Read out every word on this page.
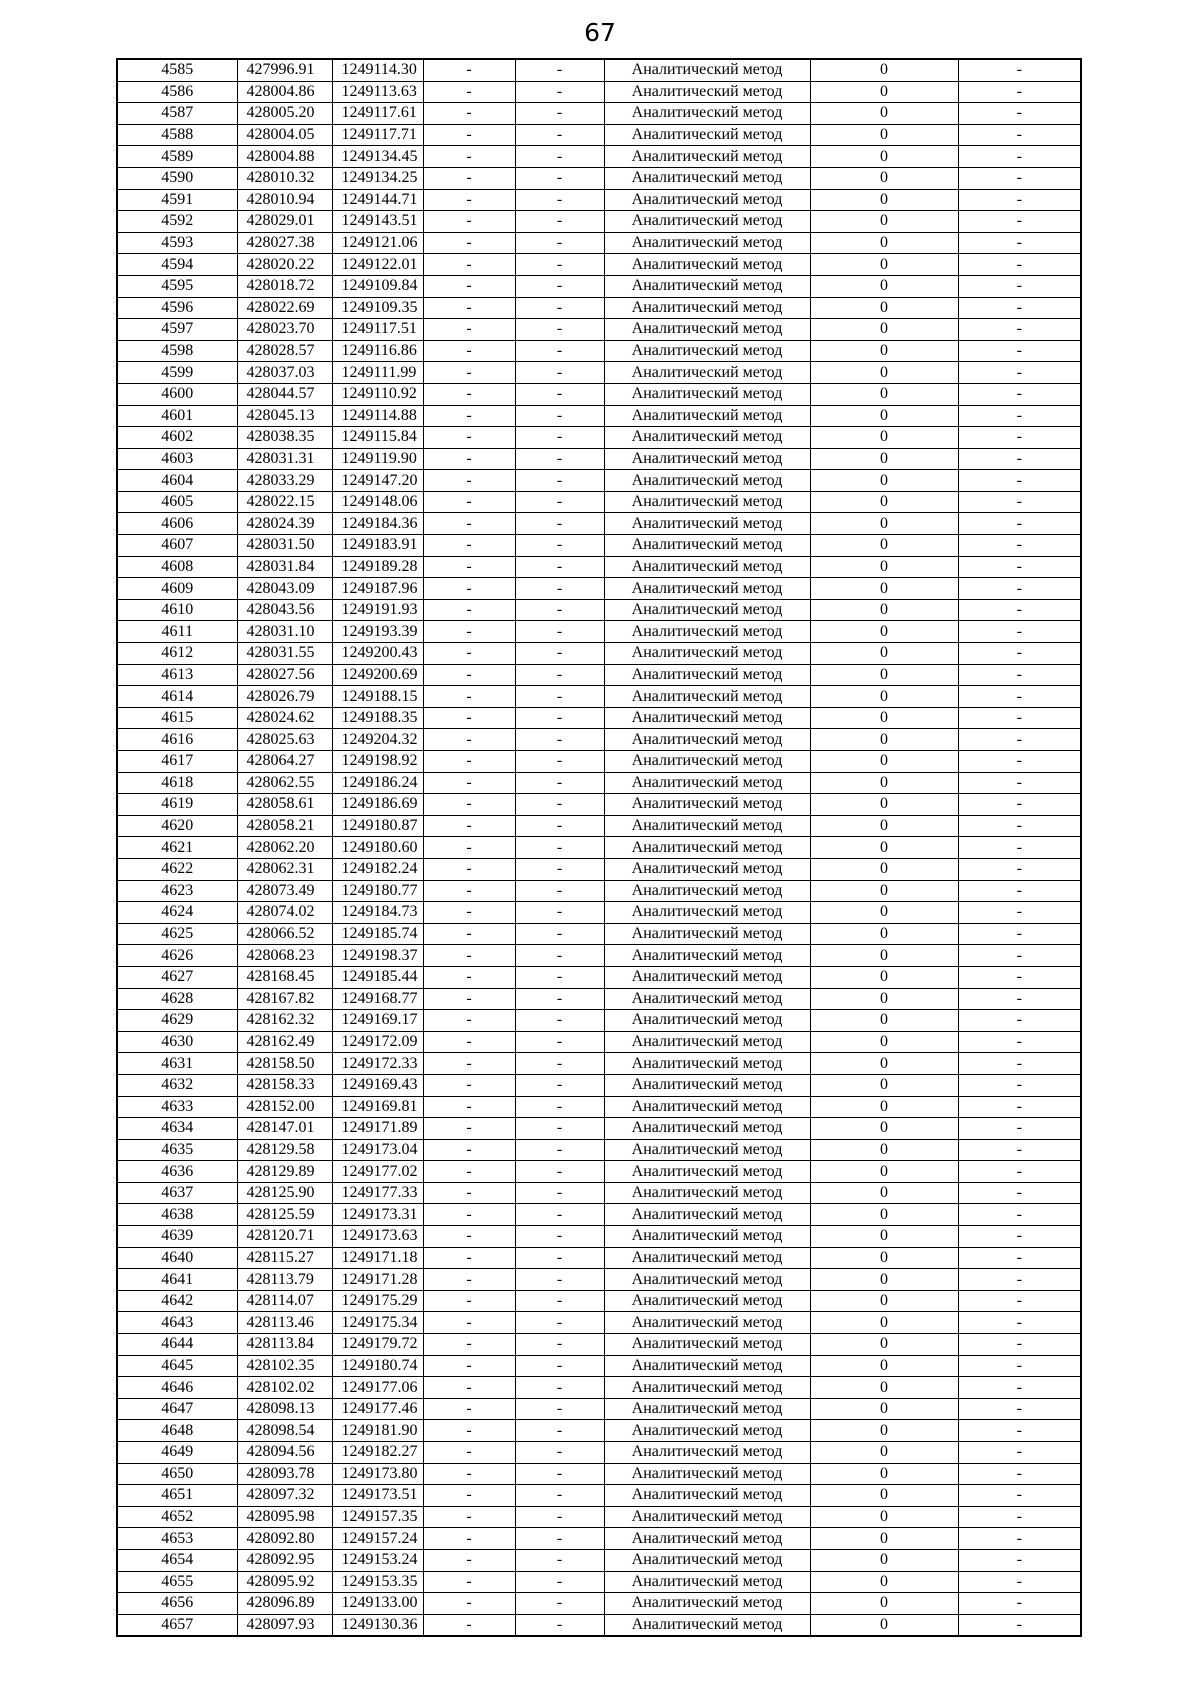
67
4585	427996.91	1249114.30	-	-	Аналитический метод	0	-
4586	428004.86	1249113.63	-	-	Аналитический метод	0	-
4587	428005.20	1249117.61	-	-	Аналитический метод	0	-
4588	428004.05	1249117.71	-	-	Аналитический метод	0	-
4589	428004.88	1249134.45	-	-	Аналитический метод	0	-
4590	428010.32	1249134.25	-	-	Аналитический метод	0	-
4591	428010.94	1249144.71	-	-	Аналитический метод	0	-
4592	428029.01	1249143.51	-	-	Аналитический метод	0	-
4593	428027.38	1249121.06	-	-	Аналитический метод	0	-
4594	428020.22	1249122.01	-	-	Аналитический метод	0	-
4595	428018.72	1249109.84	-	-	Аналитический метод	0	-
4596	428022.69	1249109.35	-	-	Аналитический метод	0	-
4597	428023.70	1249117.51	-	-	Аналитический метод	0	-
4598	428028.57	1249116.86	-	-	Аналитический метод	0	-
4599	428037.03	1249111.99	-	-	Аналитический метод	0	-
4600	428044.57	1249110.92	-	-	Аналитический метод	0	-
4601	428045.13	1249114.88	-	-	Аналитический метод	0	-
4602	428038.35	1249115.84	-	-	Аналитический метод	0	-
4603	428031.31	1249119.90	-	-	Аналитический метод	0	-
4604	428033.29	1249147.20	-	-	Аналитический метод	0	-
4605	428022.15	1249148.06	-	-	Аналитический метод	0	-
4606	428024.39	1249184.36	-	-	Аналитический метод	0	-
4607	428031.50	1249183.91	-	-	Аналитический метод	0	-
4608	428031.84	1249189.28	-	-	Аналитический метод	0	-
4609	428043.09	1249187.96	-	-	Аналитический метод	0	-
4610	428043.56	1249191.93	-	-	Аналитический метод	0	-
4611	428031.10	1249193.39	-	-	Аналитический метод	0	-
4612	428031.55	1249200.43	-	-	Аналитический метод	0	-
4613	428027.56	1249200.69	-	-	Аналитический метод	0	-
4614	428026.79	1249188.15	-	-	Аналитический метод	0	-
4615	428024.62	1249188.35	-	-	Аналитический метод	0	-
4616	428025.63	1249204.32	-	-	Аналитический метод	0	-
4617	428064.27	1249198.92	-	-	Аналитический метод	0	-
4618	428062.55	1249186.24	-	-	Аналитический метод	0	-
4619	428058.61	1249186.69	-	-	Аналитический метод	0	-
4620	428058.21	1249180.87	-	-	Аналитический метод	0	-
4621	428062.20	1249180.60	-	-	Аналитический метод	0	-
4622	428062.31	1249182.24	-	-	Аналитический метод	0	-
4623	428073.49	1249180.77	-	-	Аналитический метод	0	-
4624	428074.02	1249184.73	-	-	Аналитический метод	0	-
4625	428066.52	1249185.74	-	-	Аналитический метод	0	-
4626	428068.23	1249198.37	-	-	Аналитический метод	0	-
4627	428168.45	1249185.44	-	-	Аналитический метод	0	-
4628	428167.82	1249168.77	-	-	Аналитический метод	0	-
4629	428162.32	1249169.17	-	-	Аналитический метод	0	-
4630	428162.49	1249172.09	-	-	Аналитический метод	0	-
4631	428158.50	1249172.33	-	-	Аналитический метод	0	-
4632	428158.33	1249169.43	-	-	Аналитический метод	0	-
4633	428152.00	1249169.81	-	-	Аналитический метод	0	-
4634	428147.01	1249171.89	-	-	Аналитический метод	0	-
4635	428129.58	1249173.04	-	-	Аналитический метод	0	-
4636	428129.89	1249177.02	-	-	Аналитический метод	0	-
4637	428125.90	1249177.33	-	-	Аналитический метод	0	-
4638	428125.59	1249173.31	-	-	Аналитический метод	0	-
4639	428120.71	1249173.63	-	-	Аналитический метод	0	-
4640	428115.27	1249171.18	-	-	Аналитический метод	0	-
4641	428113.79	1249171.28	-	-	Аналитический метод	0	-
4642	428114.07	1249175.29	-	-	Аналитический метод	0	-
4643	428113.46	1249175.34	-	-	Аналитический метод	0	-
4644	428113.84	1249179.72	-	-	Аналитический метод	0	-
4645	428102.35	1249180.74	-	-	Аналитический метод	0	-
4646	428102.02	1249177.06	-	-	Аналитический метод	0	-
4647	428098.13	1249177.46	-	-	Аналитический метод	0	-
4648	428098.54	1249181.90	-	-	Аналитический метод	0	-
4649	428094.56	1249182.27	-	-	Аналитический метод	0	-
4650	428093.78	1249173.80	-	-	Аналитический метод	0	-
4651	428097.32	1249173.51	-	-	Аналитический метод	0	-
4652	428095.98	1249157.35	-	-	Аналитический метод	0	-
4653	428092.80	1249157.24	-	-	Аналитический метод	0	-
4654	428092.95	1249153.24	-	-	Аналитический метод	0	-
4655	428095.92	1249153.35	-	-	Аналитический метод	0	-
4656	428096.89	1249133.00	-	-	Аналитический метод	0	-
4657	428097.93	1249130.36	-	-	Аналитический метод	0	-
